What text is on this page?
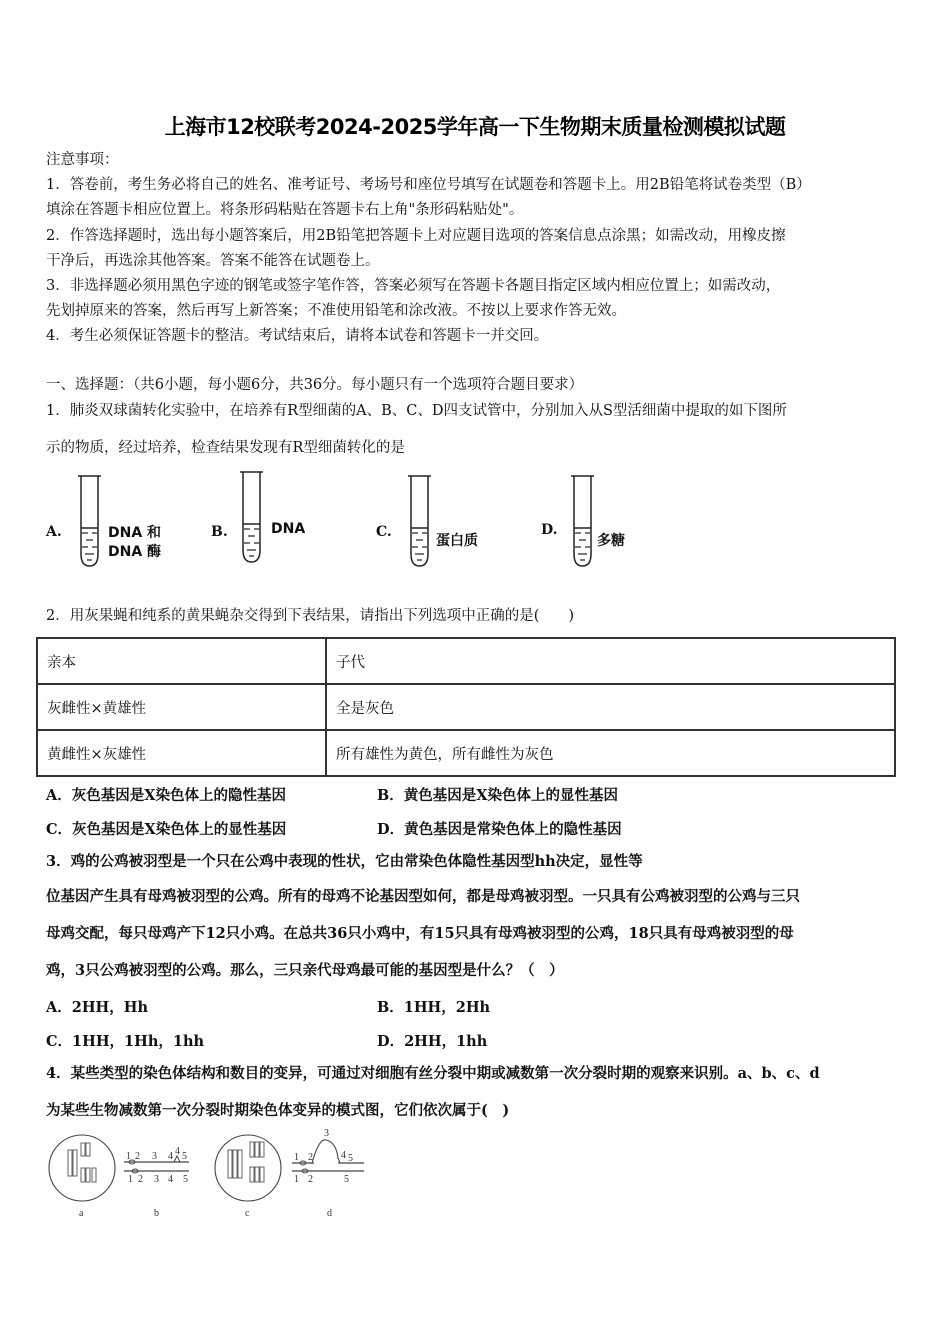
上海市12校联考2024-2025学年高一下生物期末质量检测模拟试题
注意事项：
1．答卷前，考生务必将自己的姓名、准考证号、考场号和座位号填写在试题卷和答题卡上。用2B铅笔将试卷类型（B）
填涂在答题卡相应位置上。将条形码粘贴在答题卡右上角"条形码粘贴处"。
2．作答选择题时，选出每小题答案后，用2B铅笔把答题卡上对应题目选项的答案信息点涂黑；如需改动，用橡皮擦
干净后，再选涂其他答案。答案不能答在试题卷上。
3．非选择题必须用黑色字迹的钢笔或签字笔作答，答案必须写在答题卡各题目指定区域内相应位置上；如需改动，
先划掉原来的答案，然后再写上新答案；不准使用铅笔和涂改液。不按以上要求作答无效。
4．考生必须保证答题卡的整洁。考试结束后，请将本试卷和答题卡一并交回。
一、选择题：（共6小题，每小题6分，共36分。每小题只有一个选项符合题目要求）
1．肺炎双球菌转化实验中，在培养有R型细菌的A、B、C、D四支试管中，分别加入从S型活细菌中提取的如下图所
示的物质，经过培养，检查结果发现有R型细菌转化的是
A.	DNA 和
DNA 酶
B.	DNA	C.
蛋白质
D.
多糖
2．用灰果蝇和纯系的黄果蝇杂交得到下表结果，请指出下列选项中正确的是(　　)
亲本	子代
灰雌性×黄雄性	全是灰色
黄雌性×灰雄性	所有雄性为黄色，所有雌性为灰色
A．灰色基因是X染色体上的隐性基因	B．黄色基因是X染色体上的显性基因
C．灰色基因是X染色体上的显性基因	D．黄色基因是常染色体上的隐性基因
3．鸡的公鸡被羽型是一个只在公鸡中表现的性状，它由常染色体隐性基因型hh决定，显性等
位基因产生具有母鸡被羽型的公鸡。所有的母鸡不论基因型如何，都是母鸡被羽型。一只具有公鸡被羽型的公鸡与三只
母鸡交配，每只母鸡产下12只小鸡。在总共36只小鸡中，有15只具有母鸡被羽型的公鸡，18只具有母鸡被羽型的母
鸡，3只公鸡被羽型的公鸡。那么，三只亲代母鸡最可能的基因型是什么？（　）
A．2HH，Hh	B．1HH，2Hh
C．1HH，1Hh，1hh	D．2HH，1hh
4．某些类型的染色体结构和数目的变异，可通过对细胞有丝分裂中期或减数第一次分裂时期的观察来识别。a、b、c、d
为某些生物减数第一次分裂时期染色体变异的模式图，它们依次属于(　)
a
1 2 3 4 4 5
1 2 3 4 5
b	c
1 2
3
4 5
1 2	5
d
